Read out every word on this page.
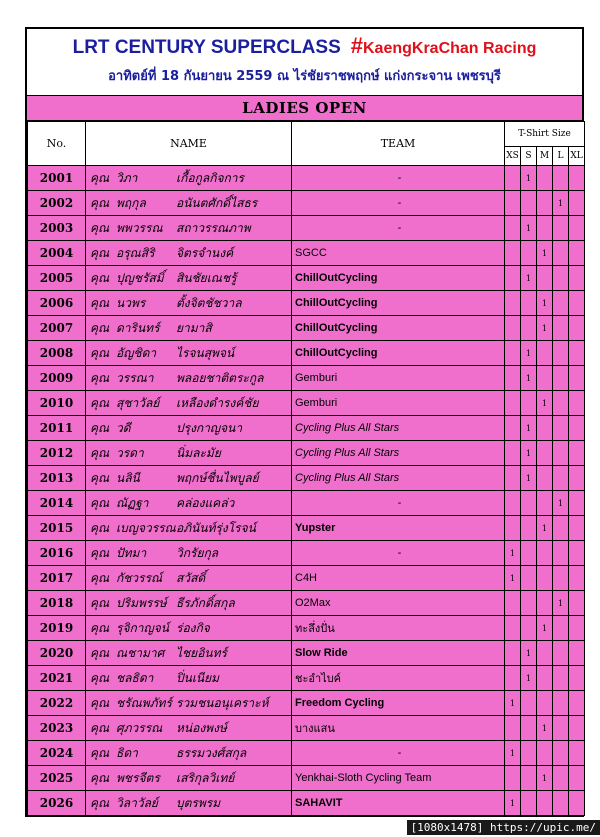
LRT CENTURY SUPERCLASS #KaengKraChan Racing
อาทิตย์ที่ 18 กันยายน 2559 ณ ไร่ชัยราชพฤกษ์ แก่งกระจาน เพชรบุรี
LADIES OPEN
No.	NAME	TEAM	T-Shirt Size				
			XS	S	M	L	XL
2001	คุณ วิภา เกื้อกูลกิจการ	-		1			
2002	คุณ พฤกุล อนันตศักดิ์ไสธร	-				1	
2003	คุณ พพวรรณ สถาวรรณภาพ	-		1			
2004	คุณ อรุณสิริ จิตรจำนงค์	SGCC			1		
2005	คุณ ปุญชรัสมิ์ สินชัยเณชรู้	ChillOutCycling		1			
2006	คุณ นวพร ตั้งจิตชัชวาล	ChillOutCycling			1		
2007	คุณ ดารินทร์ ยามาสิ	ChillOutCycling			1		
2008	คุณ อัญชิดา ไรจนสุพจน์	ChillOutCycling		1			
2009	คุณ วรรณา พลอยชาติตระกูล	Gemburi		1			
2010	คุณ สุชาวัลย์ เหลืองดำรงค์ชัย	Gemburi			1		
2011	คุณ วดี ปรุงกาญจนา	Cycling Plus All Stars		1			
2012	คุณ วรดา นิ่มละมัย	Cycling Plus All Stars		1			
2013	คุณ นลินี พฤกษ์ชื่นไพบูลย์	Cycling Plus All Stars		1			
2014	คุณ ณัฏฐา คล่องแคล่ว	-				1	
2015	คุณ เบญจวรรณอภินันท์รุ่งโรจน์	Yupster			1		
2016	คุณ ปัทมา วิกรัยกุล	-	1				
2017	คุณ กัชวรรณ์ สวัสดิ์	C4H	1				
2018	คุณ ปริมพรรษ์ ธีรภักดิ์สกุล	O2Max				1	
2019	คุณ รุจิกาญจน์ ร่องกิจ	ทะลึ่งปั่น			1		
2020	คุณ ณชามาศ ไชยอินทร์	Slow Ride		1			
2021	คุณ ชลธิดา ปิ่นเนียม	ชะอำไบค์		1			
2022	คุณ ชรัณพภัทร์ รวมชนอนุเคราะห์	Freedom Cycling	1				
2023	คุณ ศุภวรรณ หน่องพงษ์	บางแสน			1		
2024	คุณ ธิดา ธรรมวงศ์สกุล	-	1				
2025	คุณ พชรจีตร เสริกุลวิเทย์	Yenkhai-Sloth Cycling Team			1		
2026	คุณ วิลาวัลย์ บุตรพรม	SAHAVIT	1				
[1080x1478] https://upic.me/
